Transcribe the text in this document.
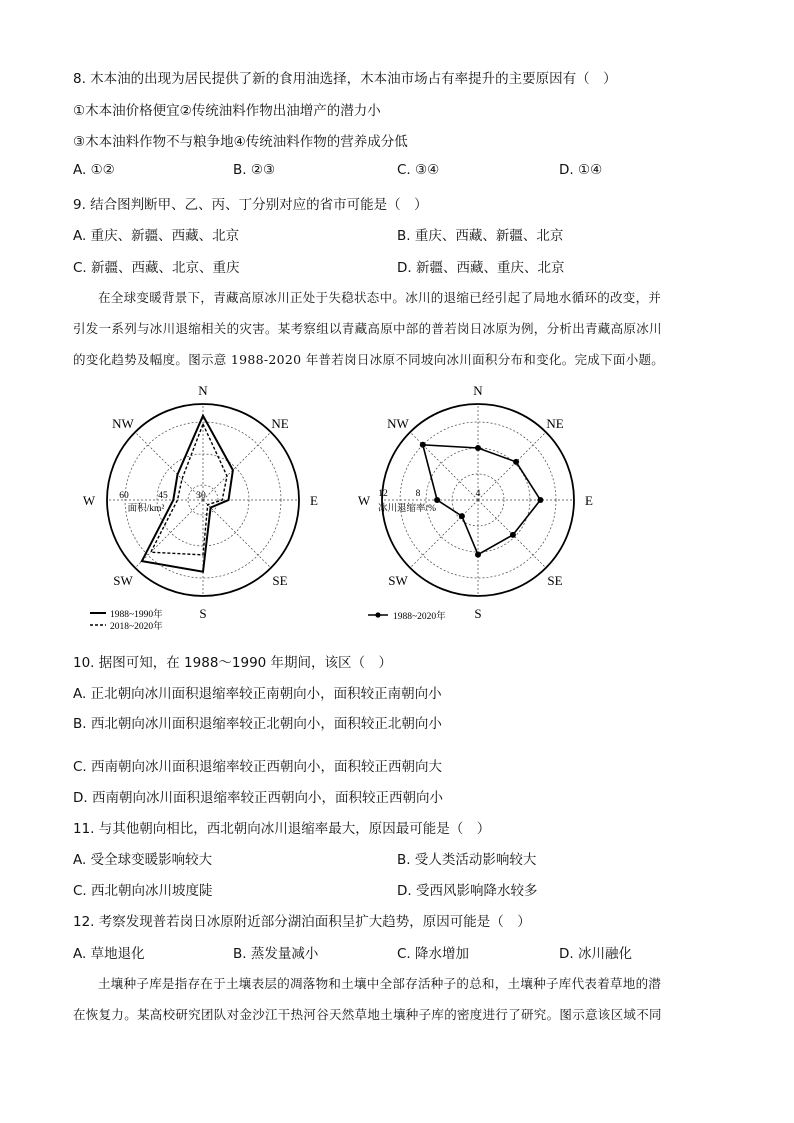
8. 木本油的出现为居民提供了新的食用油选择，木本油市场占有率提升的主要原因有（　）
①木本油价格便宜②传统油料作物出油增产的潜力小
③木本油料作物不与粮争地④传统油料作物的营养成分低
A. ①②	B. ②③	C. ③④	D. ①④
9. 结合图判断甲、乙、丙、丁分别对应的省市可能是（　）
A. 重庆、新疆、西藏、北京	B. 重庆、西藏、新疆、北京
C. 新疆、西藏、北京、重庆	D. 新疆、西藏、重庆、北京
在全球变暖背景下，青藏高原冰川正处于失稳状态中。冰川的退缩已经引起了局地水循环的改变，并
引发一系列与冰川退缩相关的灾害。某考察组以青藏高原中部的普若岗日冰原为例，分析出青藏高原冰川
的变化趋势及幅度。图示意 1988-2020 年普若岗日冰原不同坡向冰川面积分布和变化。完成下面小题。
N
NE
E
SE
S
SW
W
NW
60	45	30
面积/km²
1988~1990年
2018~2020年
N
NE
E
SE
S
SW
W
NW
12	8	4
冰川退缩率/%
1988~2020年
10. 据图可知，在 1988～1990 年期间，该区（　）
A. 正北朝向冰川面积退缩率较正南朝向小，面积较正南朝向小
B. 西北朝向冰川面积退缩率较正北朝向小，面积较正北朝向小
C. 西南朝向冰川面积退缩率较正西朝向小，面积较正西朝向大
D. 西南朝向冰川面积退缩率较正西朝向小，面积较正西朝向小
11. 与其他朝向相比，西北朝向冰川退缩率最大，原因最可能是（　）
A. 受全球变暖影响较大	B. 受人类活动影响较大
C. 西北朝向冰川坡度陡	D. 受西风影响降水较多
12. 考察发现普若岗日冰原附近部分湖泊面积呈扩大趋势，原因可能是（　）
A. 草地退化	B. 蒸发量减小	C. 降水增加	D. 冰川融化
土壤种子库是指存在于土壤表层的凋落物和土壤中全部存活种子的总和，土壤种子库代表着草地的潜
在恢复力。某高校研究团队对金沙江干热河谷天然草地土壤种子库的密度进行了研究。图示意该区域不同
